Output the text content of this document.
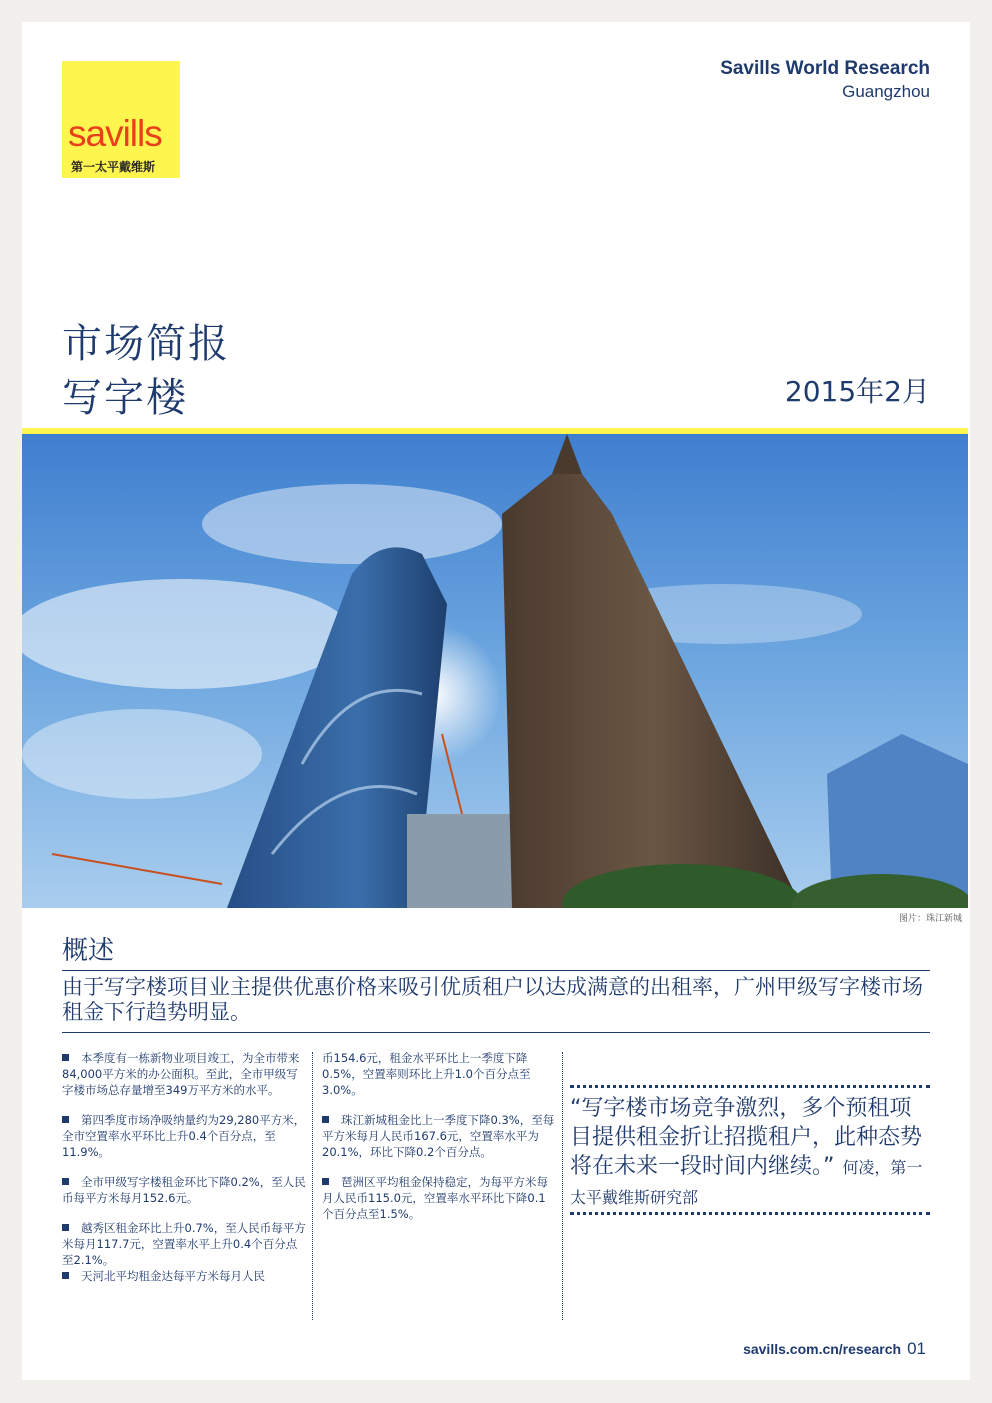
savills
第一太平戴维斯
Savills World Research
Guangzhou
市场简报
写字楼	2015年2月
图片：珠江新城
概述
由于写字楼项目业主提供优惠价格来吸引优质租户以达成满意的出租率，广州甲级写字楼市场租金下行趋势明显。
本季度有一栋新物业项目竣工，为全市带来84,000平方米的办公面积。至此，全市甲级写字楼市场总存量增至349万平方米的水平。
第四季度市场净吸纳量约为29,280平方米，全市空置率水平环比上升0.4个百分点，至11.9%。
全市甲级写字楼租金环比下降0.2%，至人民币每平方米每月152.6元。
越秀区租金环比上升0.7%，至人民币每平方米每月117.7元，空置率水平上升0.4个百分点至2.1%。
天河北平均租金达每平方米每月人民
币154.6元，租金水平环比上一季度下降0.5%，空置率则环比上升1.0个百分点至3.0%。
珠江新城租金比上一季度下降0.3%，至每平方米每月人民币167.6元，空置率水平为20.1%，环比下降0.2个百分点。
琶洲区平均租金保持稳定，为每平方米每月人民币115.0元，空置率水平环比下降0.1个百分点至1.5%。
“写字楼市场竞争激烈，多个预租项目提供租金折让招揽租户，此种态势将在未来一段时间内继续。” 何凌，第一太平戴维斯研究部
savills.com.cn/research 01
